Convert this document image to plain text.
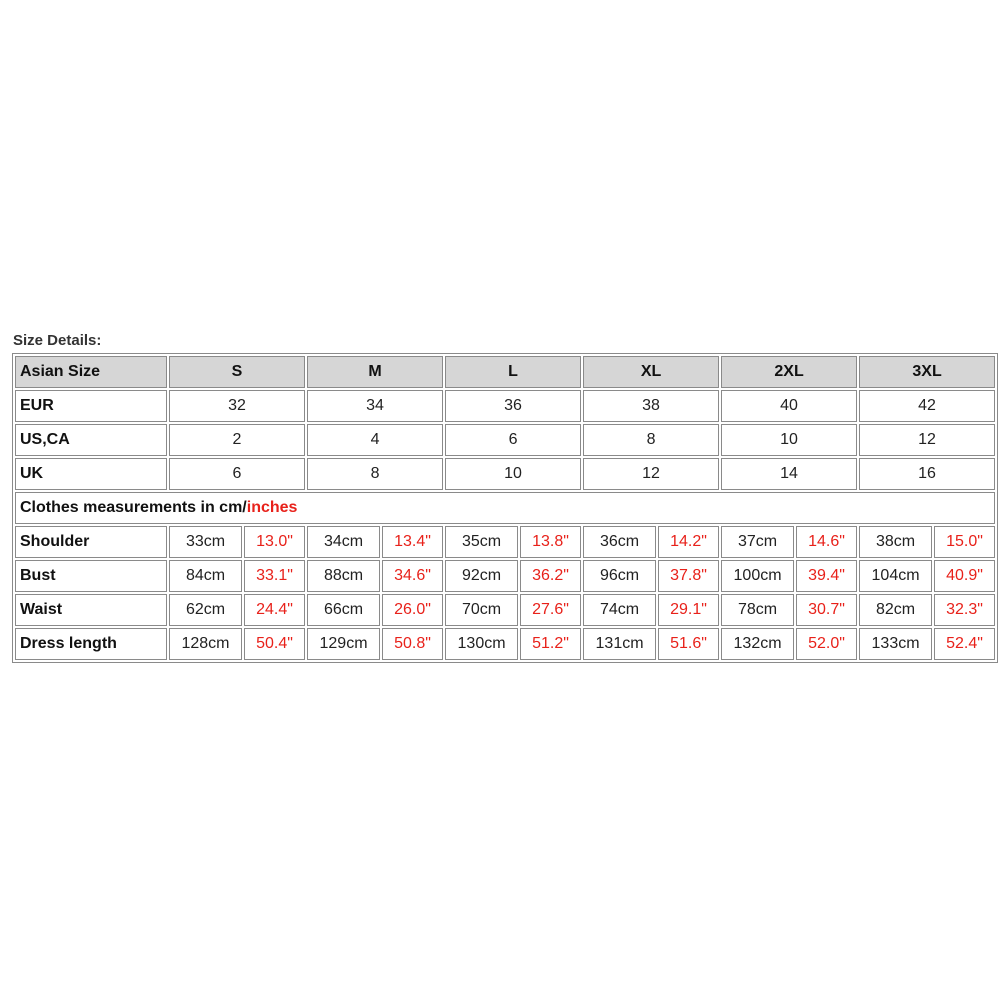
Size Details:
Asian Size	S		M		L		XL		2XL		3XL	
EUR	32		34		36		38		40		42	
US,CA	2		4		6		8		10		12	
UK	6		8		10		12		14		16	
Clothes measurements in cm/inches												
Shoulder	33cm	13.0"	34cm	13.4"	35cm	13.8"	36cm	14.2"	37cm	14.6"	38cm	15.0"
Bust	84cm	33.1"	88cm	34.6"	92cm	36.2"	96cm	37.8"	100cm	39.4"	104cm	40.9"
Waist	62cm	24.4"	66cm	26.0"	70cm	27.6"	74cm	29.1"	78cm	30.7"	82cm	32.3"
Dress length	128cm	50.4"	129cm	50.8"	130cm	51.2"	131cm	51.6"	132cm	52.0"	133cm	52.4"
